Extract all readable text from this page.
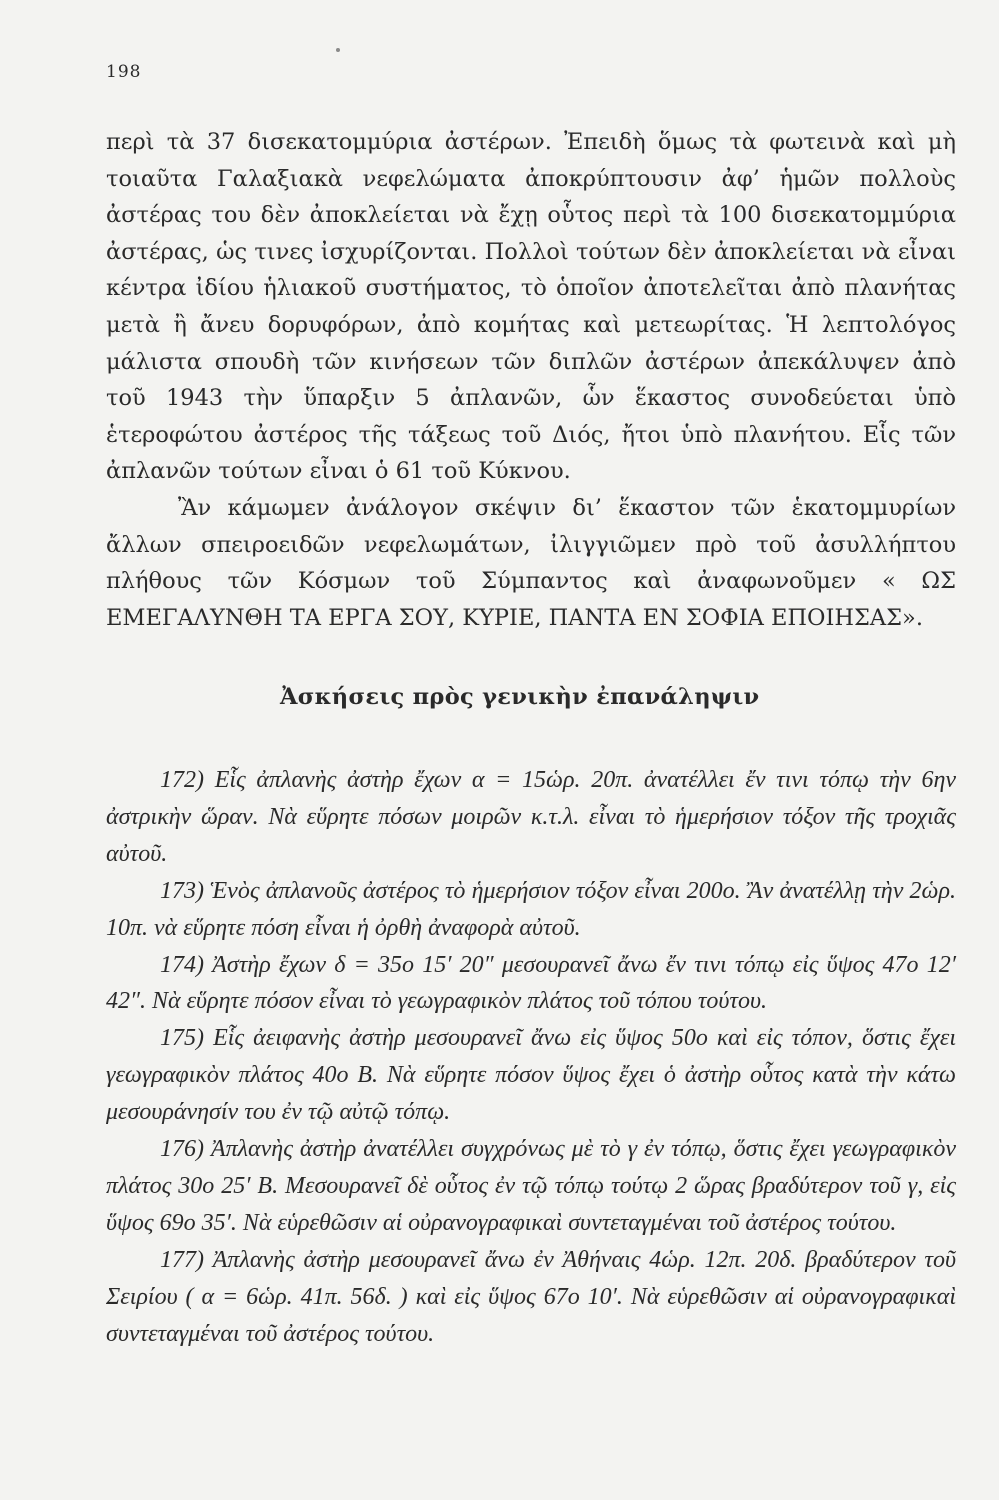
198

περὶ τὰ 37 δισεκατομμύρια ἀστέρων. Ἐπειδὴ ὅμως τὰ φωτεινὰ καὶ μὴ τοιαῦτα Γαλαξιακὰ νεφελώματα ἀποκρύπτουσιν ἀφ’ ἡμῶν πολλοὺς ἀστέρας του δὲν ἀποκλείεται νὰ ἔχῃ οὗτος περὶ τὰ 100 δισεκατομμύρια ἀστέρας, ὡς τινες ἰσχυρίζονται. Πολλοὶ τούτων δὲν ἀποκλείεται νὰ εἶναι κέντρα ἰδίου ἡλιακοῦ συστήματος, τὸ ὁποῖον ἀποτελεῖται ἀπὸ πλανήτας μετὰ ἢ ἄνευ δορυφόρων, ἀπὸ κομήτας καὶ μετεωρίτας. Ἡ λεπτολόγος μάλιστα σπουδὴ τῶν κινήσεων τῶν διπλῶν ἀστέρων ἀπεκάλυψεν ἀπὸ τοῦ 1943 τὴν ὕπαρξιν 5 ἀπλανῶν, ὧν ἕκαστος συνοδεύεται ὑπὸ ἑτεροφώτου ἀστέρος τῆς τάξεως τοῦ Διός, ἤτοι ὑπὸ πλανήτου. Εἷς τῶν ἀπλανῶν τούτων εἶναι ὁ 61 τοῦ Κύκνου.

Ἂν κάμωμεν ἀνάλογον σκέψιν δι’ ἕκαστον τῶν ἑκατομμυρίων ἄλλων σπειροειδῶν νεφελωμάτων, ἰλιγγιῶμεν πρὸ τοῦ ἀσυλλήπτου πλήθους τῶν Κόσμων τοῦ Σύμπαντος καὶ ἀναφωνοῦμεν « ΩΣ ΕΜΕΓΑΛΥΝΘΗ ΤΑ ΕΡΓΑ ΣΟΥ, ΚΥΡΙΕ, ΠΑΝΤΑ ΕΝ ΣΟΦΙΑ ΕΠΟΙΗΣΑΣ».

Ἀσκήσεις πρὸς γενικὴν ἐπανάληψιν

172) Εἷς ἀπλανὴς ἀστὴρ ἔχων α = 15ὡρ. 20π. ἀνατέλλει ἔν τινι τόπῳ τὴν 6ην ἀστρικὴν ὥραν. Νὰ εὕρητε πόσων μοιρῶν κ.τ.λ. εἶναι τὸ ἡμερήσιον τόξον τῆς τροχιᾶς αὐτοῦ.

173) Ἑνὸς ἀπλανοῦς ἀστέρος τὸ ἡμερήσιον τόξον εἶναι 200ο. Ἂν ἀνατέλλῃ τὴν 2ὡρ. 10π. νὰ εὕρητε πόση εἶναι ἡ ὀρθὴ ἀναφορὰ αὐτοῦ.

174) Ἀστὴρ ἔχων δ = 35ο 15′ 20″ μεσουρανεῖ ἄνω ἔν τινι τόπῳ εἰς ὕψος 47ο 12′ 42″. Νὰ εὕρητε πόσον εἶναι τὸ γεωγραφικὸν πλάτος τοῦ τόπου τούτου.

175) Εἷς ἀειφανὴς ἀστὴρ μεσουρανεῖ ἄνω εἰς ὕψος 50ο καὶ εἰς τόπον, ὅστις ἔχει γεωγραφικὸν πλάτος 40ο Β. Νὰ εὕρητε πόσον ὕψος ἔχει ὁ ἀστὴρ οὗτος κατὰ τὴν κάτω μεσουράνησίν του ἐν τῷ αὐτῷ τόπῳ.

176) Ἀπλανὴς ἀστὴρ ἀνατέλλει συγχρόνως μὲ τὸ γ ἐν τόπῳ, ὅστις ἔχει γεωγραφικὸν πλάτος 30ο 25′ Β. Μεσουρανεῖ δὲ οὗτος ἐν τῷ τόπῳ τούτῳ 2 ὥρας βραδύτερον τοῦ γ, εἰς ὕψος 69ο 35′. Νὰ εὑρεθῶσιν αἱ οὐρανογραφικαὶ συντεταγμέναι τοῦ ἀστέρος τούτου.

177) Ἀπλανὴς ἀστὴρ μεσουρανεῖ ἄνω ἐν Ἀθήναις 4ὡρ. 12π. 20δ. βραδύτερον τοῦ Σειρίου ( α = 6ὡρ. 41π. 56δ. ) καὶ εἰς ὕψος 67ο 10′. Νὰ εὑρεθῶσιν αἱ οὐρανογραφικαὶ συντεταγμέναι τοῦ ἀστέρος τούτου.
